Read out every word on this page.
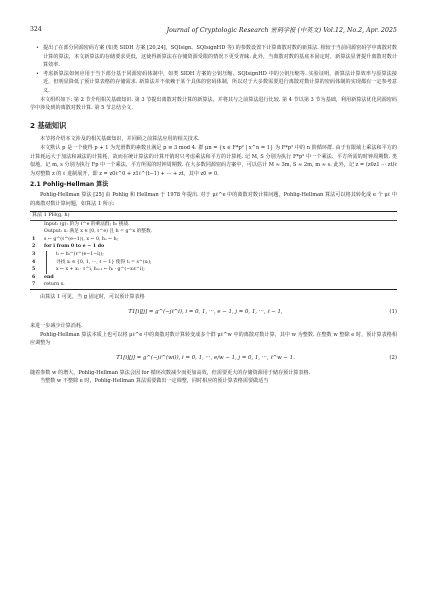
324	Journal of Cryptologic Research 密码学报 (中英文) Vol.12, No.2, Apr. 2025
• 提出了在部分同源密码方案 (如类 SIDH 方案 [20,24]，SQIsign、SQIsignHD 等) 的参数设置下计算离散对数的新算法. 相较于当前同源密码学中离散对数计算的算法，本文新算法的存储要求更低，这使得新算法在存储资源受限的情况下更受青睐. 此外，当离散对数的基底本固定时，新算法显著提升离散对数计算效率.
• 考虑新算法如何应用于当下部分基于同源密码体制中，如类 SIDH 方案的公钥压缩、SQIsignHD 中的公钥压缩等. 实验证明，新算法计算效率与原算法接近，但明显降低了预计算表格的存储需求. 新算法并不依赖于某个具体的密码体制，所以对于大多数需要进行离散对数计算的密码体制的实现都有一定参考意义.

本文组织如下: 第 2 节介绍相关基础知识. 第 3 节提出离散对数计算的新算法，并将其与之前算法进行比较. 第 4 节以第 3 节为基础，利用新算法优化同源密码学中涉及到的离散对数计算. 第 5 节总结全文.

2 基础知识

本节将介绍本文涉及的相关基础知识，并回顾之前算法应用的相关技术.

本文默认 p 是一个使得 p + 1 为光滑数的素数且满足 p ≡ 3 mod 4. 群 μn = {x ∈ F*p² | x^n = 1} 为 F*p² 中的 n 阶循环群. 由于有限域上乘法和平方的计算耗远大于加法和减法的计算耗，故而在统计算法的计算开销时只考虑乘法和平方的计算耗. 记 M, S 分别为执行 F*p² 中一个乘法、平方所需的时钟周期数. 类似地，记 m, s 分别为执行 Fp 中一个乘法、平方所需的时钟周期数. 在大多数同源密码方案中，可以估计 M ≈ 3m, S ≈ 2m, m ≈ s. 此外，记 z = (z0z1 ··· zt)ℓ 为对整数 z 的 ℓ 进制展开，即 z = z0ℓ^0 + z1ℓ^(t−1) + ··· + zt，其中 z0 ≠ 0.

2.1 Pohlig-Hellman 算法

Pohlig-Hellman 算法 [25] 由 Pohlig 和 Hellman 于 1978 年提出. 对于 μℓ^e 中的离散对数计算问题，Pohlig-Hellman 算法可以将其转化成 e 个 μℓ 中的离散对数计算问题，如算法 1 所示:

算法 1 PH(g, h)
Input: (g): 阶为 ℓ^e 的乘法群; h: 挑战.
Output: x: 满足 x ∈ [0, ℓ^e) 且 h = g^x 的整数.
1	s ← g^(ℓ^(e−1)), x ← 0, hₒ ← h;
2	for i from 0 to e − 1 do
3	tᵢ ← hᵢ^(ℓ^(e−1−i));
4	寻找 xᵢ ∈ {0, 1, ···, ℓ − 1} 使得 tᵢ = s^(xᵢ);
5	x ← x + xᵢ · ℓ^i, hᵢ₊₁ ← hᵢ · g^(−xᵢℓ^i);
6	end
7	return x.

由算法 1 可见，当 g 固定时，可以预计算表格

T1[i][j] = g^(−jℓ^i), i = 0, 1, ···, e − 1, j = 0, 1, ···, ℓ − 1,	(1)

来进一步减少计算消耗.

Pohlig-Hellman 算法本质上也可以将 μℓ^e 中的离散对数计算转变成多个群 μℓ^w 中的离散对数计算，其中 w 为整数. 在整数 w 整除 e 时，预计算表格相应调整为

T1[i][j] = g^(−jℓ^(wi)), i = 0, 1, ···, e/w − 1, j = 0, 1, ···, ℓ^w − 1.	(2)

随着参数 w 的增大，Pohlig-Hellman 算法会因 for 循环次数减少而更加高效，但需要更大的存储资源用于储存预计算表格.

当整数 w 不整除 e 时，Pohlig-Hellman 算法需要做出一定调整，同时相应的预计算表格需要做适当
